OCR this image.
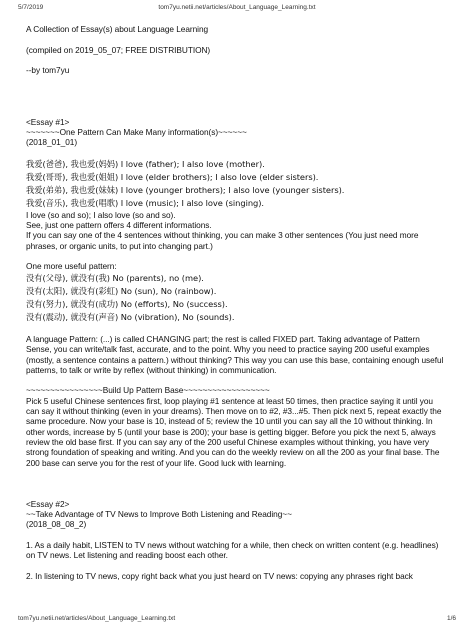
5/7/2019	tom7yu.netii.net/articles/About_Language_Learning.txt

A Collection of Essay(s) about Language Learning

(compiled on 2019_05_07; FREE DISTRIBUTION)

--by tom7yu

<Essay #1>

~~~~~~~One Pattern Can Make Many information(s)~~~~~~

(2018_01_01)

我爱(爸爸), 我也爱(妈妈) I love (father); I also love (mother).

我爱(哥哥), 我也爱(姐姐) I love (elder brothers); I also love (elder sisters).

我爱(弟弟), 我也爱(妹妹) I love (younger brothers); I also love (younger sisters).

我爱(音乐), 我也爱(唱歌) I love (music); I also love (singing).

I love (so and so); I also love (so and so).

See, just one pattern offers 4 different informations.

If you can say one of the 4 sentences without thinking, you can make 3 other sentences (You just need more phrases, or organic units, to put into changing part.)

One more useful pattern:

没有(父母), 就没有(我) No (parents), no (me).

没有(太阳), 就没有(彩虹) No (sun), No (rainbow).

没有(努力), 就没有(成功) No (efforts), No (success).

没有(震动), 就没有(声音) No (vibration), No (sounds).

A language Pattern: (...) is called CHANGING part; the rest is called FIXED part. Taking advantage of Pattern Sense, you can write/talk fast, accurate, and to the point. Why you need to practice saying 200 useful examples (mostly, a sentence contains a pattern.) without thinking? This way you can use this base, containing enough useful patterns, to talk or write by reflex (without thinking) in communication.

~~~~~~~~~~~~~~~~Build Up Pattern Base~~~~~~~~~~~~~~~~~~

Pick 5 useful Chinese sentences first, loop playing #1 sentence at least 50 times, then practice saying it until you can say it without thinking (even in your dreams). Then move on to #2, #3...#5. Then pick next 5, repeat exactly the same procedure. Now your base is 10, instead of 5; review the 10 until you can say all the 10 without thinking. In other words, increase by 5 (until your base is 200); your base is getting bigger. Before you pick the next 5, always review the old base first. If you can say any of the 200 useful Chinese examples without thinking, you have very strong foundation of speaking and writing. And you can do the weekly review on all the 200 as your final base. The 200 base can serve you for the rest of your life. Good luck with learning.

<Essay #2>

~~Take Advantage of TV News to Improve Both Listening and Reading~~

(2018_08_08_2)

1. As a daily habit, LISTEN to TV news without watching for a while, then check on written content (e.g. headlines) on TV news. Let listening and reading boost each other.

2. In listening to TV news, copy right back what you just heard on TV news: copying any phrases right back

tom7yu.netii.net/articles/About_Language_Learning.txt	1/6
